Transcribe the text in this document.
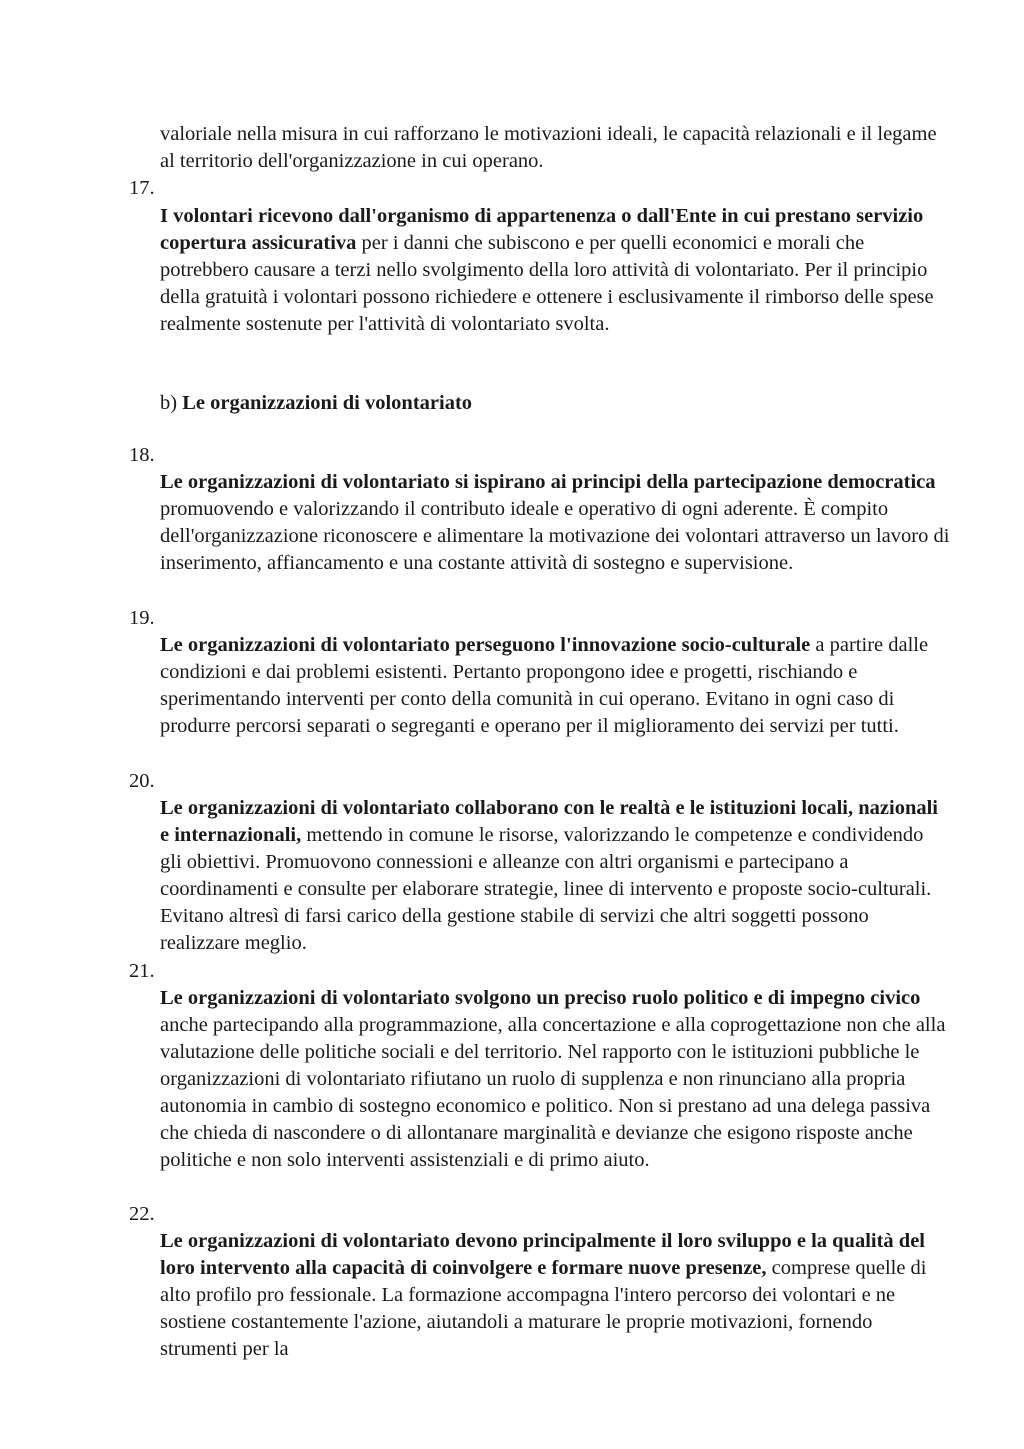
valoriale nella misura in cui rafforzano le motivazioni ideali, le capacità relazionali e il legame al territorio dell'organizzazione in cui operano.

17.

I volontari ricevono dall'organismo di appartenenza o dall'Ente in cui prestano servizio copertura assicurativa per i danni che subiscono e per quelli economici e morali che potrebbero causare a terzi nello svolgimento della loro attività di volontariato. Per il principio della gratuità i volontari possono richiedere e ottenere i esclusivamente il rimborso delle spese realmente sostenute per l'attività di volontariato svolta.

b) Le organizzazioni di volontariato

18.

Le organizzazioni di volontariato si ispirano ai principi della partecipazione democratica promuovendo e valorizzando il contributo ideale e operativo di ogni aderente. È compito dell'organizzazione riconoscere e alimentare la motivazione dei volontari attraverso un lavoro di inserimento, affiancamento e una costante attività di sostegno e supervisione.

19.

Le organizzazioni di volontariato perseguono l'innovazione socio-culturale a partire dalle condizioni e dai problemi esistenti. Pertanto propongono idee e progetti, rischiando e sperimentando interventi per conto della comunità in cui operano. Evitano in ogni caso di produrre percorsi separati o segreganti e operano per il miglioramento dei servizi per tutti.

20.

Le organizzazioni di volontariato collaborano con le realtà e le istituzioni locali, nazionali e internazionali, mettendo in comune le risorse, valorizzando le competenze e condividendo gli obiettivi. Promuovono connessioni e alleanze con altri organismi e partecipano a coordinamenti e consulte per elaborare strategie, linee di intervento e proposte socio-culturali. Evitano altresì di farsi carico della gestione stabile di servizi che altri soggetti possono realizzare meglio.

21.

Le organizzazioni di volontariato svolgono un preciso ruolo politico e di impegno civico anche partecipando alla programmazione, alla concertazione e alla coprogettazione non che alla valutazione delle politiche sociali e del territorio. Nel rapporto con le istituzioni pubbliche le organizzazioni di volontariato rifiutano un ruolo di supplenza e non rinunciano alla propria autonomia in cambio di sostegno economico e politico. Non si prestano ad una delega passiva che chieda di nascondere o di allontanare marginalità e devianze che esigono risposte anche politiche e non solo interventi assistenziali e di primo aiuto.

22.

Le organizzazioni di volontariato devono principalmente il loro sviluppo e la qualità del loro intervento alla capacità di coinvolgere e formare nuove presenze, comprese quelle di alto profilo pro fessionale. La formazione accompagna l'intero percorso dei volontari e ne sostiene costantemente l'azione, aiutandoli a maturare le proprie motivazioni, fornendo strumenti per la
